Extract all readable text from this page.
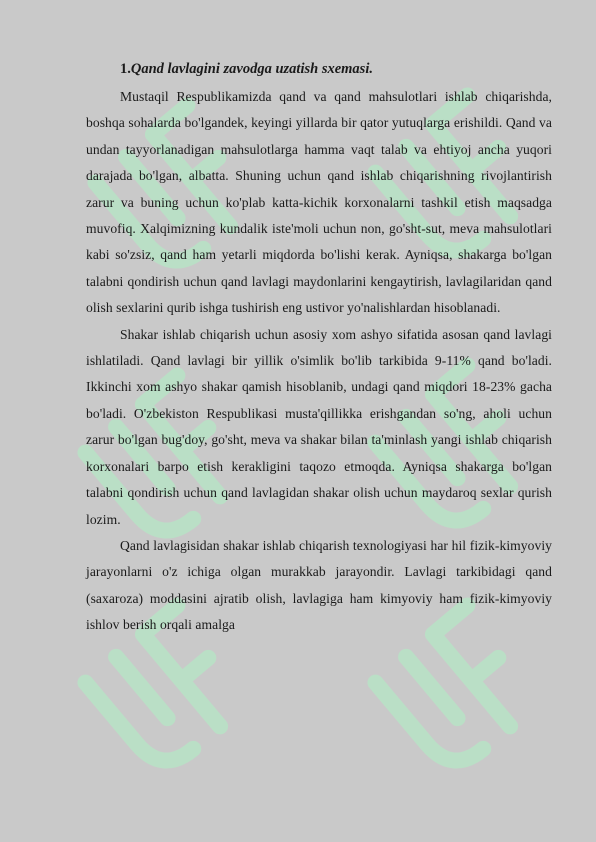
1.Qand lavlagini zavodga uzatish sxemasi.

Mustaqil Respublikamizda qand va qand mahsulotlari ishlab chiqarishda, boshqa sohalarda bo'lgandek, keyingi yillarda bir qator yutuqlarga erishildi. Qand va undan tayyorlanadigan mahsulotlarga hamma vaqt talab va ehtiyoj ancha yuqori darajada bo'lgan, albatta. Shuning uchun qand ishlab chiqarishning rivojlantirish zarur va buning uchun ko'plab katta-kichik korxonalarni tashkil etish maqsadga muvofiq. Xalqimizning kundalik iste'moli uchun non, go'sht-sut, meva mahsulotlari kabi so'zsiz, qand ham yetarli miqdorda bo'lishi kerak. Ayniqsa, shakarga bo'lgan talabni qondirish uchun qand lavlagi maydonlarini kengaytirish, lavlagilaridan qand olish sexlarini qurib ishga tushirish eng ustivor yo'nalishlardan hisoblanadi.

Shakar ishlab chiqarish uchun asosiy xom ashyo sifatida asosan qand lavlagi ishlatiladi. Qand lavlagi bir yillik o'simlik bo'lib tarkibida 9-11% qand bo'ladi. Ikkinchi xom ashyo shakar qamish hisoblanib, undagi qand miqdori 18-23% gacha bo'ladi. O'zbekiston Respublikasi musta'qillikka erishgandan so'ng, aholi uchun zarur bo'lgan bug'doy, go'sht, meva va shakar bilan ta'minlash yangi ishlab chiqarish korxonalari barpo etish kerakligini taqozo etmoqda. Ayniqsa shakarga bo'lgan talabni qondirish uchun qand lavlagidan shakar olish uchun maydaroq sexlar qurish lozim.

Qand lavlagisidan shakar ishlab chiqarish texnologiyasi har hil fizik-kimyoviy jarayonlarni o'z ichiga olgan murakkab jarayondir. Lavlagi tarkibidagi qand (saxaroza) moddasini ajratib olish, lavlagiga ham kimyoviy ham fizik-kimyoviy ishlov berish orqali amalga
